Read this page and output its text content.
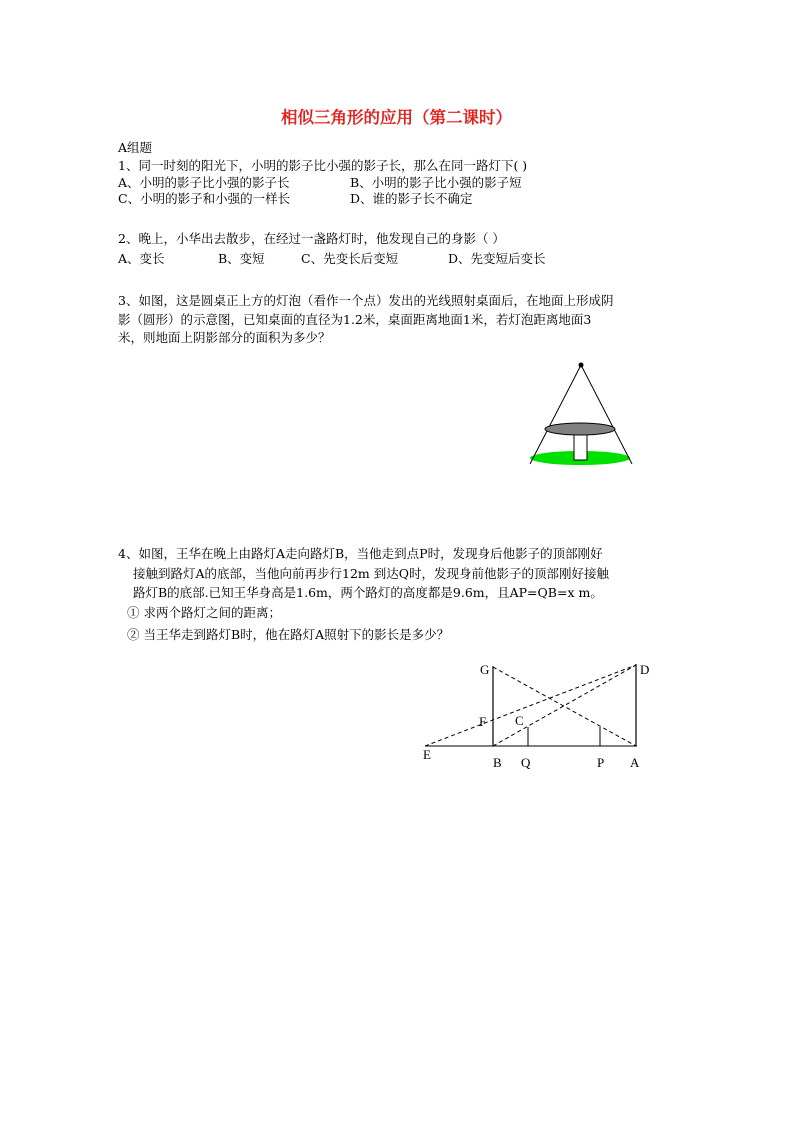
相似三角形的应用（第二课时）
A组题
1、同一时刻的阳光下，小明的影子比小强的影子长，那么在同一路灯下( )
A、小明的影子比小强的影子长	B、小明的影子比小强的影子短
C、小明的影子和小强的一样长	D、谁的影子长不确定
2、晚上，小华出去散步，在经过一盏路灯时，他发现自己的身影（ ）
A、变长	B、变短	C、先变长后变短	D、先变短后变长
3、如图，这是圆桌正上方的灯泡（看作一个点）发出的光线照射桌面后，在地面上形成阴
影（圆形）的示意图，已知桌面的直径为1.2米，桌面距离地面1米，若灯泡距离地面3
米，则地面上阴影部分的面积为多少？
4、如图，王华在晚上由路灯A走向路灯B，当他走到点P时，发现身后他影子的顶部刚好
接触到路灯A的底部，当他向前再步行12m 到达Q时，发现身前他影子的顶部刚好接触
路灯B的底部.已知王华身高是1.6m，两个路灯的高度都是9.6m，且AP=QB=x m。
① 求两个路灯之间的距离；
② 当王华走到路灯B时，他在路灯A照射下的影长是多少？
G	D
F C
E
B Q	P A
